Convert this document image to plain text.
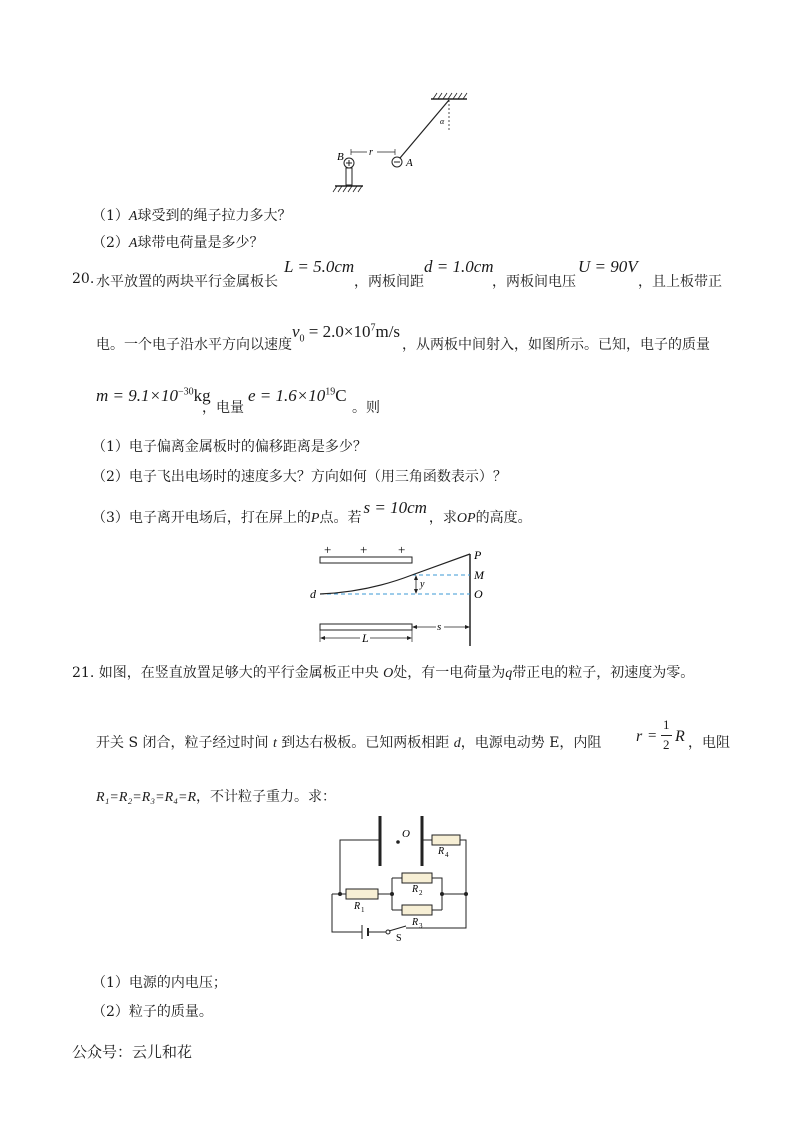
α
A
B	r
（1）A球受到的绳子拉力多大？
（2）A球带电荷量是多少？
20. 水平放置的两块平行金属板长
L = 5.0cm
，两板间距
d = 1.0cm
，两板间电压
U = 90V
，且上板带正
电。一个电子沿水平方向以速度
$v_0 = 2.0\times 10^7m/s$
，从两板中间射入，如图所示。已知，电子的质量
$m = 9.1\times 10^{-30}kg$
，电量
$e = 1.6\times 10^{19}C$
。则
（1）电子偏离金属板时的偏移距离是多少？
（2）电子飞出电场时的速度多大？方向如何（用三角函数表示）？
（3）电子离开电场后，打在屏上的P点。若s = 10cm，求OP的高度。
+ + +
y
P
M
O
d
L
s
21. 如图，在竖直放置足够大的平行金属板正中央 O处，有一电荷量为q带正电的粒子，初速度为零。
开关 S 闭合，粒子经过时间 t 到达右极板。已知两板相距 d，电源电动势 E，内阻 r =
1
2 R ，电阻
R₁=R₂=R₃=R₄=R，不计粒子重力。求：
O
R 4
R 1
R 2
R 3
S
（1）电源的内电压；
（2）粒子的质量。
公众号：云儿和花
